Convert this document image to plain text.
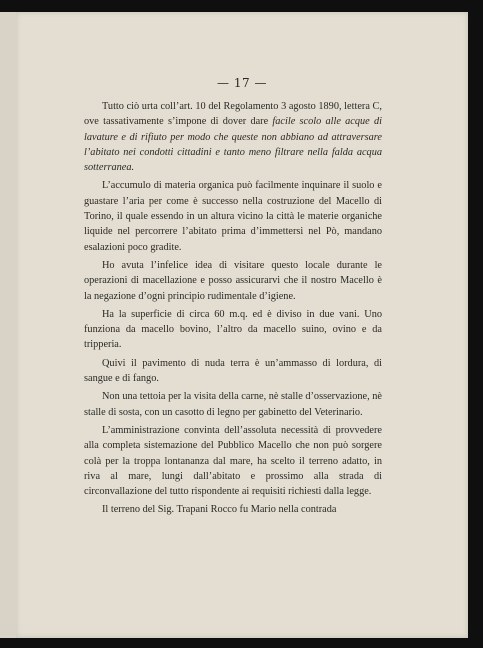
— 17 —

Tutto ciò urta coll’art. 10 del Regolamento 3 agosto 1890, lettera C, ove tassativamente s’impone di dover dare facile scolo alle acque di lavature e di rifiuto per modo che queste non abbiano ad attraversare l’abitato nei condotti cittadini e tanto meno filtrare nella falda acqua sotterranea.

L’accumulo di materia organica può facilmente inquinare il suolo e guastare l’aria per come è successo nella costruzione del Macello di Torino, il quale essendo in un altura vicino la città le materie organiche liquide nel percorrere l’abitato prima d’immettersi nel Pò, mandano esalazioni poco gradite.

Ho avuta l’infelice idea di visitare questo locale durante le operazioni di macellazione e posso assicurarvi che il nostro Macello è la negazione d’ogni principio rudimentale d’igiene.

Ha la superficie di circa 60 m.q. ed è diviso in due vani. Uno funziona da macello bovino, l’altro da macello suino, ovino e da tripperia.

Quivi il pavimento di nuda terra è un’ammasso di lordura, di sangue e di fango.

Non una tettoia per la visita della carne, nè stalle d’osservazione, nè stalle di sosta, con un casotto di legno per gabinetto del Veterinario.

L’amministrazione convinta dell’assoluta necessità di provvedere alla completa sistemazione del Pubblico Macello che non può sorgere colà per la troppa lontananza dal mare, ha scelto il terreno adatto, in riva al mare, lungi dall’abitato e prossimo alla strada di circonvallazione del tutto rispondente ai requisiti richiesti dalla legge.

Il terreno del Sig. Trapani Rocco fu Mario nella contrada
